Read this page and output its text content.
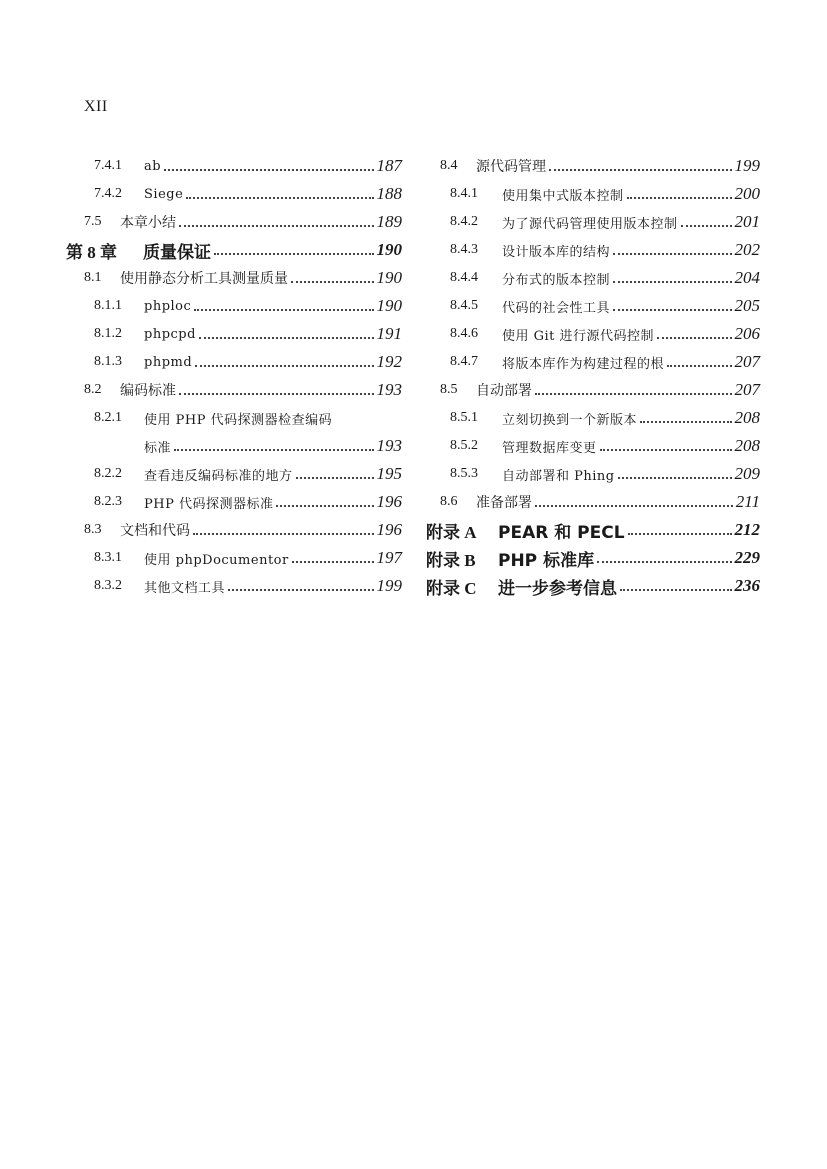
XII
7.4.1	ab	187
7.4.2	Siege	188
7.5	本章小结	189
第 8 章	质量保证	190
8.1	使用静态分析工具测量质量	190
8.1.1	phploc	190
8.1.2	phpcpd	191
8.1.3	phpmd	192
8.2	编码标准	193
8.2.1	使用 PHP 代码探测器检查编码
标准	193
8.2.2	查看违反编码标准的地方	195
8.2.3	PHP 代码探测器标准	196
8.3	文档和代码	196
8.3.1	使用 phpDocumentor	197
8.3.2	其他文档工具	199
8.4	源代码管理	199
8.4.1	使用集中式版本控制	200
8.4.2	为了源代码管理使用版本控制	201
8.4.3	设计版本库的结构	202
8.4.4	分布式的版本控制	204
8.4.5	代码的社会性工具	205
8.4.6	使用 Git 进行源代码控制	206
8.4.7	将版本库作为构建过程的根	207
8.5	自动部署	207
8.5.1	立刻切换到一个新版本	208
8.5.2	管理数据库变更	208
8.5.3	自动部署和 Phing	209
8.6	准备部署	211
附录 A	PEAR 和 PECL	212
附录 B	PHP 标准库	229
附录 C	进一步参考信息	236
